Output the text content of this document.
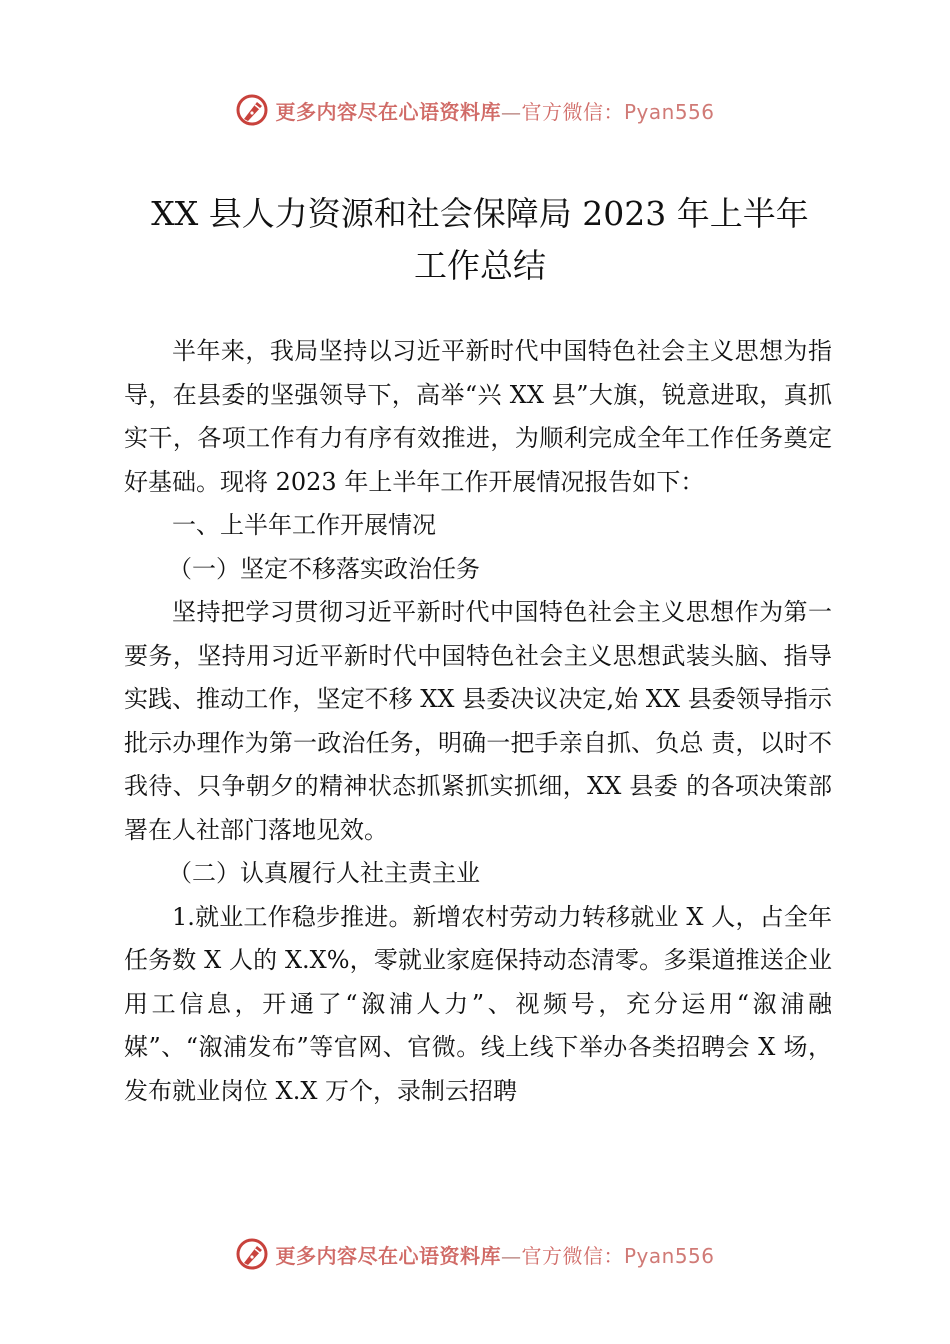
更多内容尽在心语资料库—官方微信：Pyan556
XX 县人力资源和社会保障局 2023 年上半年
工作总结

半年来，我局坚持以习近平新时代中国特色社会主义思想为指导，在县委的坚强领导下，高举“兴 XX 县”大旗，锐意进取，真抓实干，各项工作有力有序有效推进，为顺利完成全年工作任务奠定好基础。现将 2023 年上半年工作开展情况报告如下：

一、上半年工作开展情况

（一）坚定不移落实政治任务

坚持把学习贯彻习近平新时代中国特色社会主义思想作为第一要务，坚持用习近平新时代中国特色社会主义思想武装头脑、指导实践、推动工作，坚定不移 XX 县委决议决定,始 XX 县委领导指示批示办理作为第一政治任务，明确一把手亲自抓、负总 责，以时不我待、只争朝夕的精神状态抓紧抓实抓细，XX 县委 的各项决策部署在人社部门落地见效。

（二）认真履行人社主责主业

1.就业工作稳步推进。新增农村劳动力转移就业 X 人，占全年任务数 X 人的 X.X%，零就业家庭保持动态清零。多渠道推送企业用工信息，开通了“溆浦人力”、视频号，充分运用“溆浦融媒”、“溆浦发布”等官网、官微。线上线下举办各类招聘会 X 场，发布就业岗位 X.X 万个，录制云招聘

更多内容尽在心语资料库—官方微信：Pyan556
